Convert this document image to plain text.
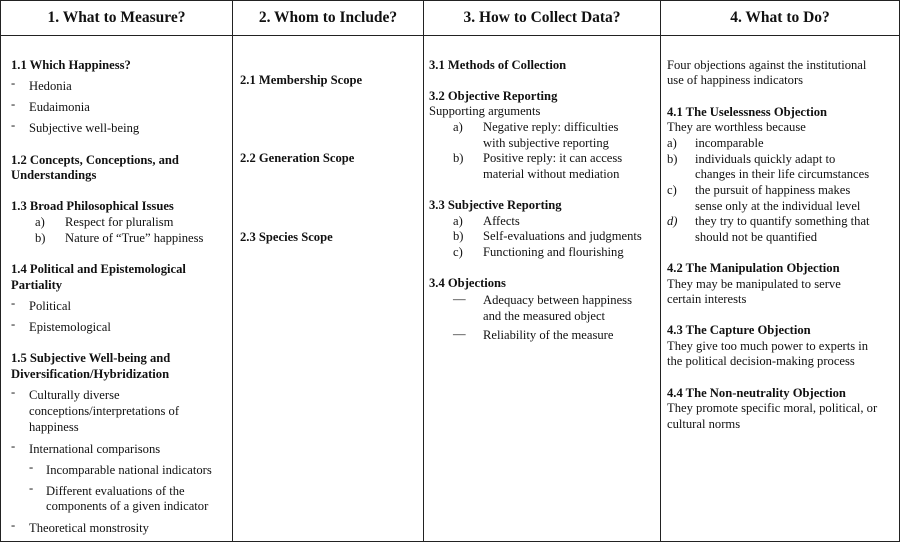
1. What to Measure?
1.1 Which Happiness?
- Hedonia
- Eudaimonia
- Subjective well-being
1.2 Concepts, Conceptions, and
Understandings
1.3 Broad Philosophical Issues
a) Respect for pluralism
b) Nature of “True” happiness
1.4 Political and Epistemological
Partiality
- Political
- Epistemological
1.5 Subjective Well-being and
Diversification/Hybridization
- Culturally diverse
conceptions/interpretations of
happiness
- International comparisons
- Incomparable national indicators
- Different evaluations of the
components of a given indicator
- Theoretical monstrosity
2. Whom to Include?
2.1 Membership Scope
2.2 Generation Scope
2.3 Species Scope
3. How to Collect Data?
3.1 Methods of Collection
3.2 Objective Reporting
Supporting arguments
a) Negative reply: difficulties
with subjective reporting
b) Positive reply: it can access
material without mediation
3.3 Subjective Reporting
a) Affects
b) Self-evaluations and judgments
c) Functioning and flourishing
3.4 Objections
— Adequacy between happiness
and the measured object
— Reliability of the measure
4. What to Do?
Four objections against the institutional
use of happiness indicators
4.1 The Uselessness Objection
They are worthless because
a) incomparable
b) individuals quickly adapt to
changes in their life circumstances
c) the pursuit of happiness makes
sense only at the individual level
d) they try to quantify something that
should not be quantified
4.2 The Manipulation Objection
They may be manipulated to serve
certain interests
4.3 The Capture Objection
They give too much power to experts in
the political decision-making process
4.4 The Non-neutrality Objection
They promote specific moral, political, or
cultural norms
